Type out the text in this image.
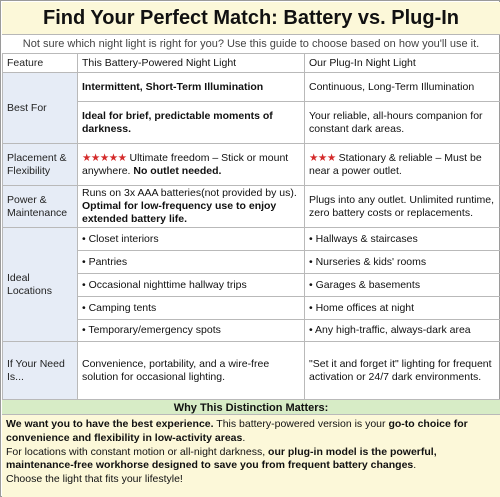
Find Your Perfect Match: Battery vs. Plug-In
Not sure which night light is right for you? Use this guide to choose based on how you'll use it.
Feature	This Battery-Powered Night Light	Our Plug-In Night Light
Best For	Intermittent, Short-Term Illumination	Continuous, Long-Term Illumination
	Ideal for brief, predictable moments of darkness.	Your reliable, all-hours companion for constant dark areas.
Placement & Flexibility	★★★★★ Ultimate freedom – Stick or mount anywhere. No outlet needed.	★★★ Stationary & reliable – Must be near a power outlet.
Power & Maintenance	Runs on 3x AAA batteries(not provided by us). Optimal for low-frequency use to enjoy extended battery life.	Plugs into any outlet. Unlimited runtime, zero battery costs or replacements.
Ideal Locations	• Closet interiors	• Hallways & staircases
	• Pantries	• Nurseries & kids' rooms
	• Occasional nighttime hallway trips	• Garages & basements
	• Camping tents	• Home offices at night
	• Temporary/emergency spots	• Any high-traffic, always-dark area
If Your Need Is...	Convenience, portability, and a wire-free solution for occasional lighting.	"Set it and forget it" lighting for frequent activation or 24/7 dark environments.
Why This Distinction Matters:

We want you to have the best experience. This battery-powered version is your go-to choice for convenience and flexibility in low-activity areas.

For locations with constant motion or all-night darkness, our plug-in model is the powerful, maintenance-free workhorse designed to save you from frequent battery changes.

Choose the light that fits your lifestyle!
